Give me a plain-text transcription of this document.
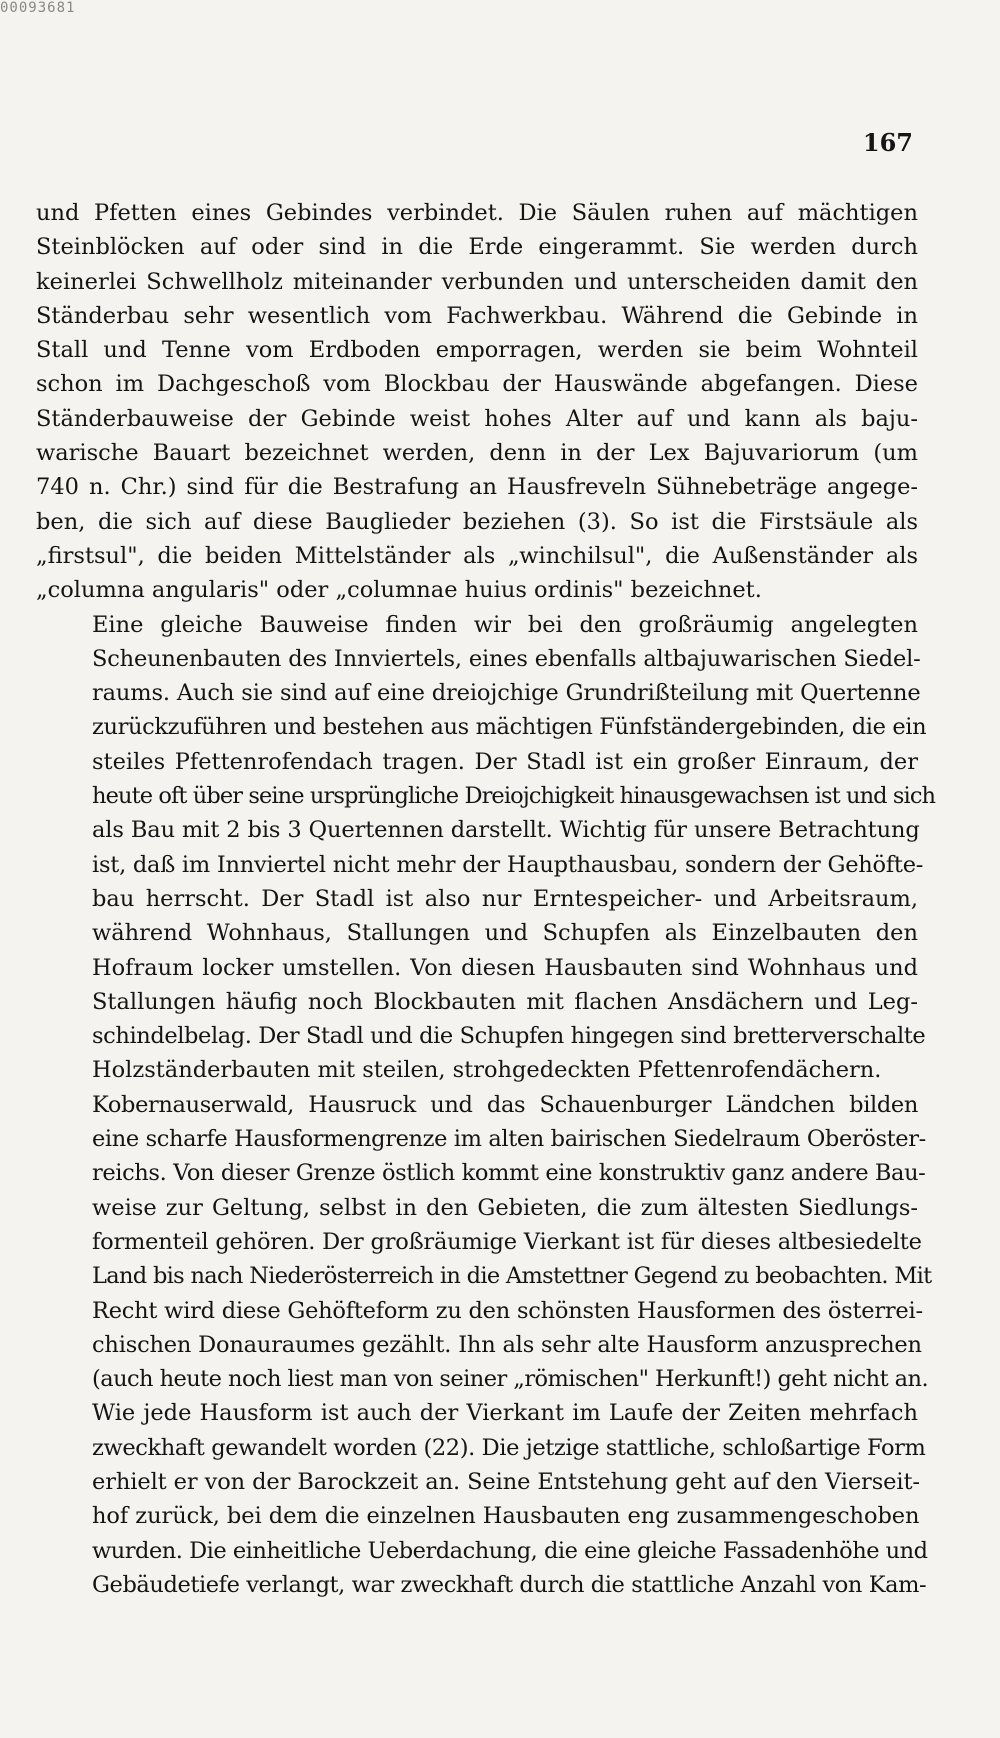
00093681
167
und Pfetten eines Gebindes verbindet. Die Säulen ruhen auf mächtigen
Steinblöcken auf oder sind in die Erde eingerammt. Sie werden durch
keinerlei Schwellholz miteinander verbunden und unterscheiden damit den
Ständerbau sehr wesentlich vom Fachwerkbau. Während die Gebinde in
Stall und Tenne vom Erdboden emporragen, werden sie beim Wohnteil
schon im Dachgeschoß vom Blockbau der Hauswände abgefangen. Diese
Ständerbauweise der Gebinde weist hohes Alter auf und kann als baju-
warische Bauart bezeichnet werden, denn in der Lex Bajuvariorum (um
740 n. Chr.) sind für die Bestrafung an Hausfreveln Sühnebeträge angege-
ben, die sich auf diese Bauglieder beziehen (3). So ist die Firstsäule als
„firstsul", die beiden Mittelständer als „winchilsul", die Außenständer als
„columna angularis" oder „columnae huius ordinis" bezeichnet.
Eine gleiche Bauweise finden wir bei den großräumig angelegten
Scheunenbauten des Innviertels, eines ebenfalls altbajuwarischen Siedel-
raums. Auch sie sind auf eine dreiojchige Grundrißteilung mit Quertenne
zurückzuführen und bestehen aus mächtigen Fünfständergebinden, die ein
steiles Pfettenrofendach tragen. Der Stadl ist ein großer Einraum, der
heute oft über seine ursprüngliche Dreiojchigkeit hinausgewachsen ist und sich
als Bau mit 2 bis 3 Quertennen darstellt. Wichtig für unsere Betrachtung
ist, daß im Innviertel nicht mehr der Haupthausbau, sondern der Gehöfte-
bau herrscht. Der Stadl ist also nur Erntespeicher- und Arbeitsraum,
während Wohnhaus, Stallungen und Schupfen als Einzelbauten den
Hofraum locker umstellen. Von diesen Hausbauten sind Wohnhaus und
Stallungen häufig noch Blockbauten mit flachen Ansdächern und Leg-
schindelbelag. Der Stadl und die Schupfen hingegen sind bretterverschalte
Holzständerbauten mit steilen, strohgedeckten Pfettenrofendächern.
Kobernauserwald, Hausruck und das Schauenburger Ländchen bilden
eine scharfe Hausformengrenze im alten bairischen Siedelraum Oberöster-
reichs. Von dieser Grenze östlich kommt eine konstruktiv ganz andere Bau-
weise zur Geltung, selbst in den Gebieten, die zum ältesten Siedlungs-
formenteil gehören. Der großräumige Vierkant ist für dieses altbesiedelte
Land bis nach Niederösterreich in die Amstettner Gegend zu beobachten. Mit
Recht wird diese Gehöfteform zu den schönsten Hausformen des österrei-
chischen Donauraumes gezählt. Ihn als sehr alte Hausform anzusprechen
(auch heute noch liest man von seiner „römischen" Herkunft!) geht nicht an.
Wie jede Hausform ist auch der Vierkant im Laufe der Zeiten mehrfach
zweckhaft gewandelt worden (22). Die jetzige stattliche, schloßartige Form
erhielt er von der Barockzeit an. Seine Entstehung geht auf den Vierseit-
hof zurück, bei dem die einzelnen Hausbauten eng zusammengeschoben
wurden. Die einheitliche Ueberdachung, die eine gleiche Fassadenhöhe und
Gebäudetiefe verlangt, war zweckhaft durch die stattliche Anzahl von Kam-
